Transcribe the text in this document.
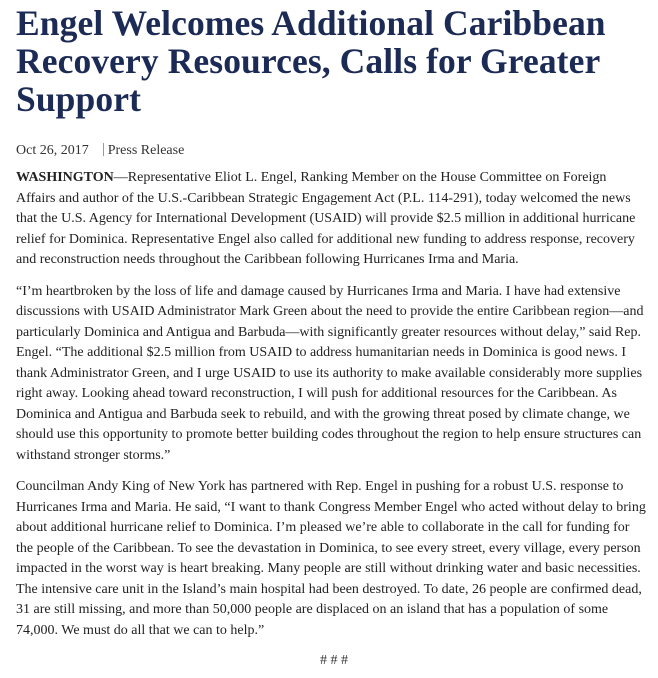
Engel Welcomes Additional Caribbean Recovery Resources, Calls for Greater Support
Oct 26, 2017 Press Release

WASHINGTON—Representative Eliot L. Engel, Ranking Member on the House Committee on Foreign Affairs and author of the U.S.-Caribbean Strategic Engagement Act (P.L. 114-291), today welcomed the news that the U.S. Agency for International Development (USAID) will provide $2.5 million in additional hurricane relief for Dominica. Representative Engel also called for additional new funding to address response, recovery and reconstruction needs throughout the Caribbean following Hurricanes Irma and Maria.

“I’m heartbroken by the loss of life and damage caused by Hurricanes Irma and Maria. I have had extensive discussions with USAID Administrator Mark Green about the need to provide the entire Caribbean region—and particularly Dominica and Antigua and Barbuda—with significantly greater resources without delay,” said Rep. Engel. “The additional $2.5 million from USAID to address humanitarian needs in Dominica is good news. I thank Administrator Green, and I urge USAID to use its authority to make available considerably more supplies right away. Looking ahead toward reconstruction, I will push for additional resources for the Caribbean. As Dominica and Antigua and Barbuda seek to rebuild, and with the growing threat posed by climate change, we should use this opportunity to promote better building codes throughout the region to help ensure structures can withstand stronger storms.”

Councilman Andy King of New York has partnered with Rep. Engel in pushing for a robust U.S. response to Hurricanes Irma and Maria. He said, “I want to thank Congress Member Engel who acted without delay to bring about additional hurricane relief to Dominica. I’m pleased we’re able to collaborate in the call for funding for the people of the Caribbean. To see the devastation in Dominica, to see every street, every village, every person impacted in the worst way is heart breaking. Many people are still without drinking water and basic necessities. The intensive care unit in the Island’s main hospital had been destroyed. To date, 26 people are confirmed dead, 31 are still missing, and more than 50,000 people are displaced on an island that has a population of some 74,000. We must do all that we can to help.”

# # #
